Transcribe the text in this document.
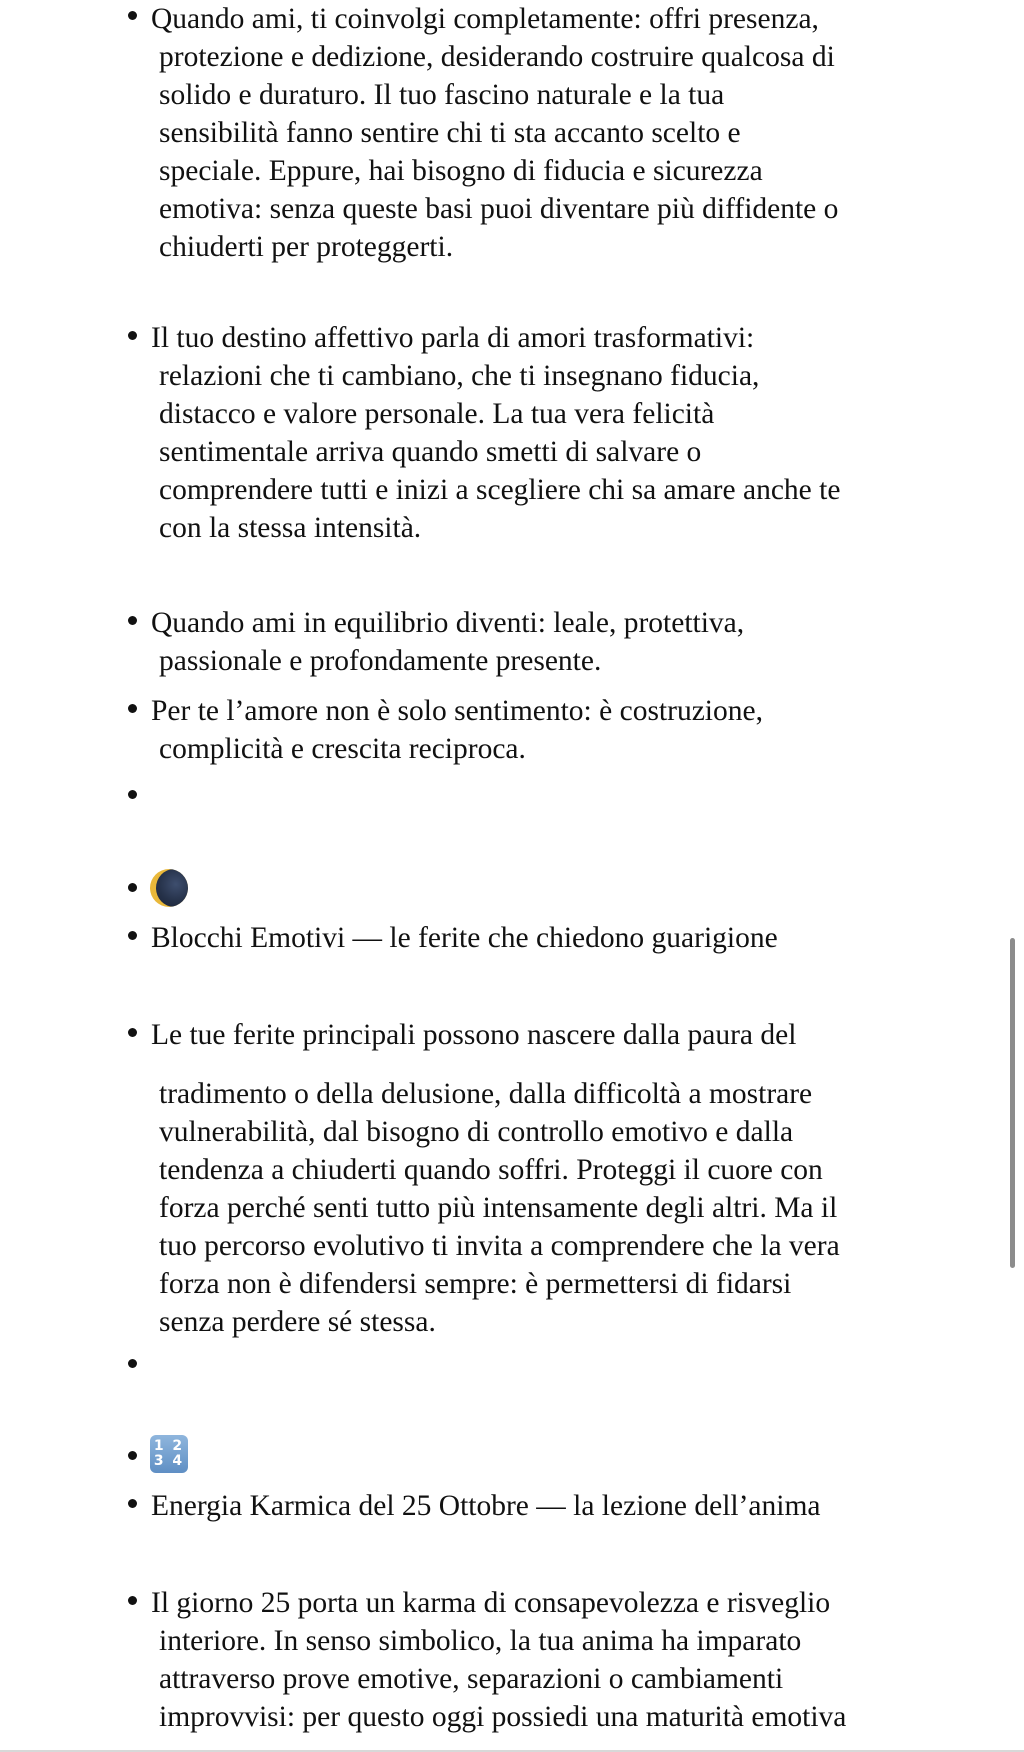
Quando ami, ti coinvolgi completamente: offri presenza,
protezione e dedizione, desiderando costruire qualcosa di
solido e duraturo. Il tuo fascino naturale e la tua
sensibilità fanno sentire chi ti sta accanto scelto e
speciale. Eppure, hai bisogno di fiducia e sicurezza
emotiva: senza queste basi puoi diventare più diffidente o
chiuderti per proteggerti.
Il tuo destino affettivo parla di amori trasformativi:
relazioni che ti cambiano, che ti insegnano fiducia,
distacco e valore personale. La tua vera felicità
sentimentale arriva quando smetti di salvare o
comprendere tutti e inizi a scegliere chi sa amare anche te
con la stessa intensità.
Quando ami in equilibrio diventi: leale, protettiva,
passionale e profondamente presente.
Per te l’amore non è solo sentimento: è costruzione,
complicità e crescita reciproca.
Blocchi Emotivi — le ferite che chiedono guarigione
Le tue ferite principali possono nascere dalla paura del
tradimento o della delusione, dalla difficoltà a mostrare
vulnerabilità, dal bisogno di controllo emotivo e dalla
tendenza a chiuderti quando soffri. Proteggi il cuore con
forza perché senti tutto più intensamente degli altri. Ma il
tuo percorso evolutivo ti invita a comprendere che la vera
forza non è difendersi sempre: è permettersi di fidarsi
senza perdere sé stessa.
1 2
3 4
Energia Karmica del 25 Ottobre — la lezione dell’anima
Il giorno 25 porta un karma di consapevolezza e risveglio
interiore. In senso simbolico, la tua anima ha imparato
attraverso prove emotive, separazioni o cambiamenti
improvvisi: per questo oggi possiedi una maturità emotiva
